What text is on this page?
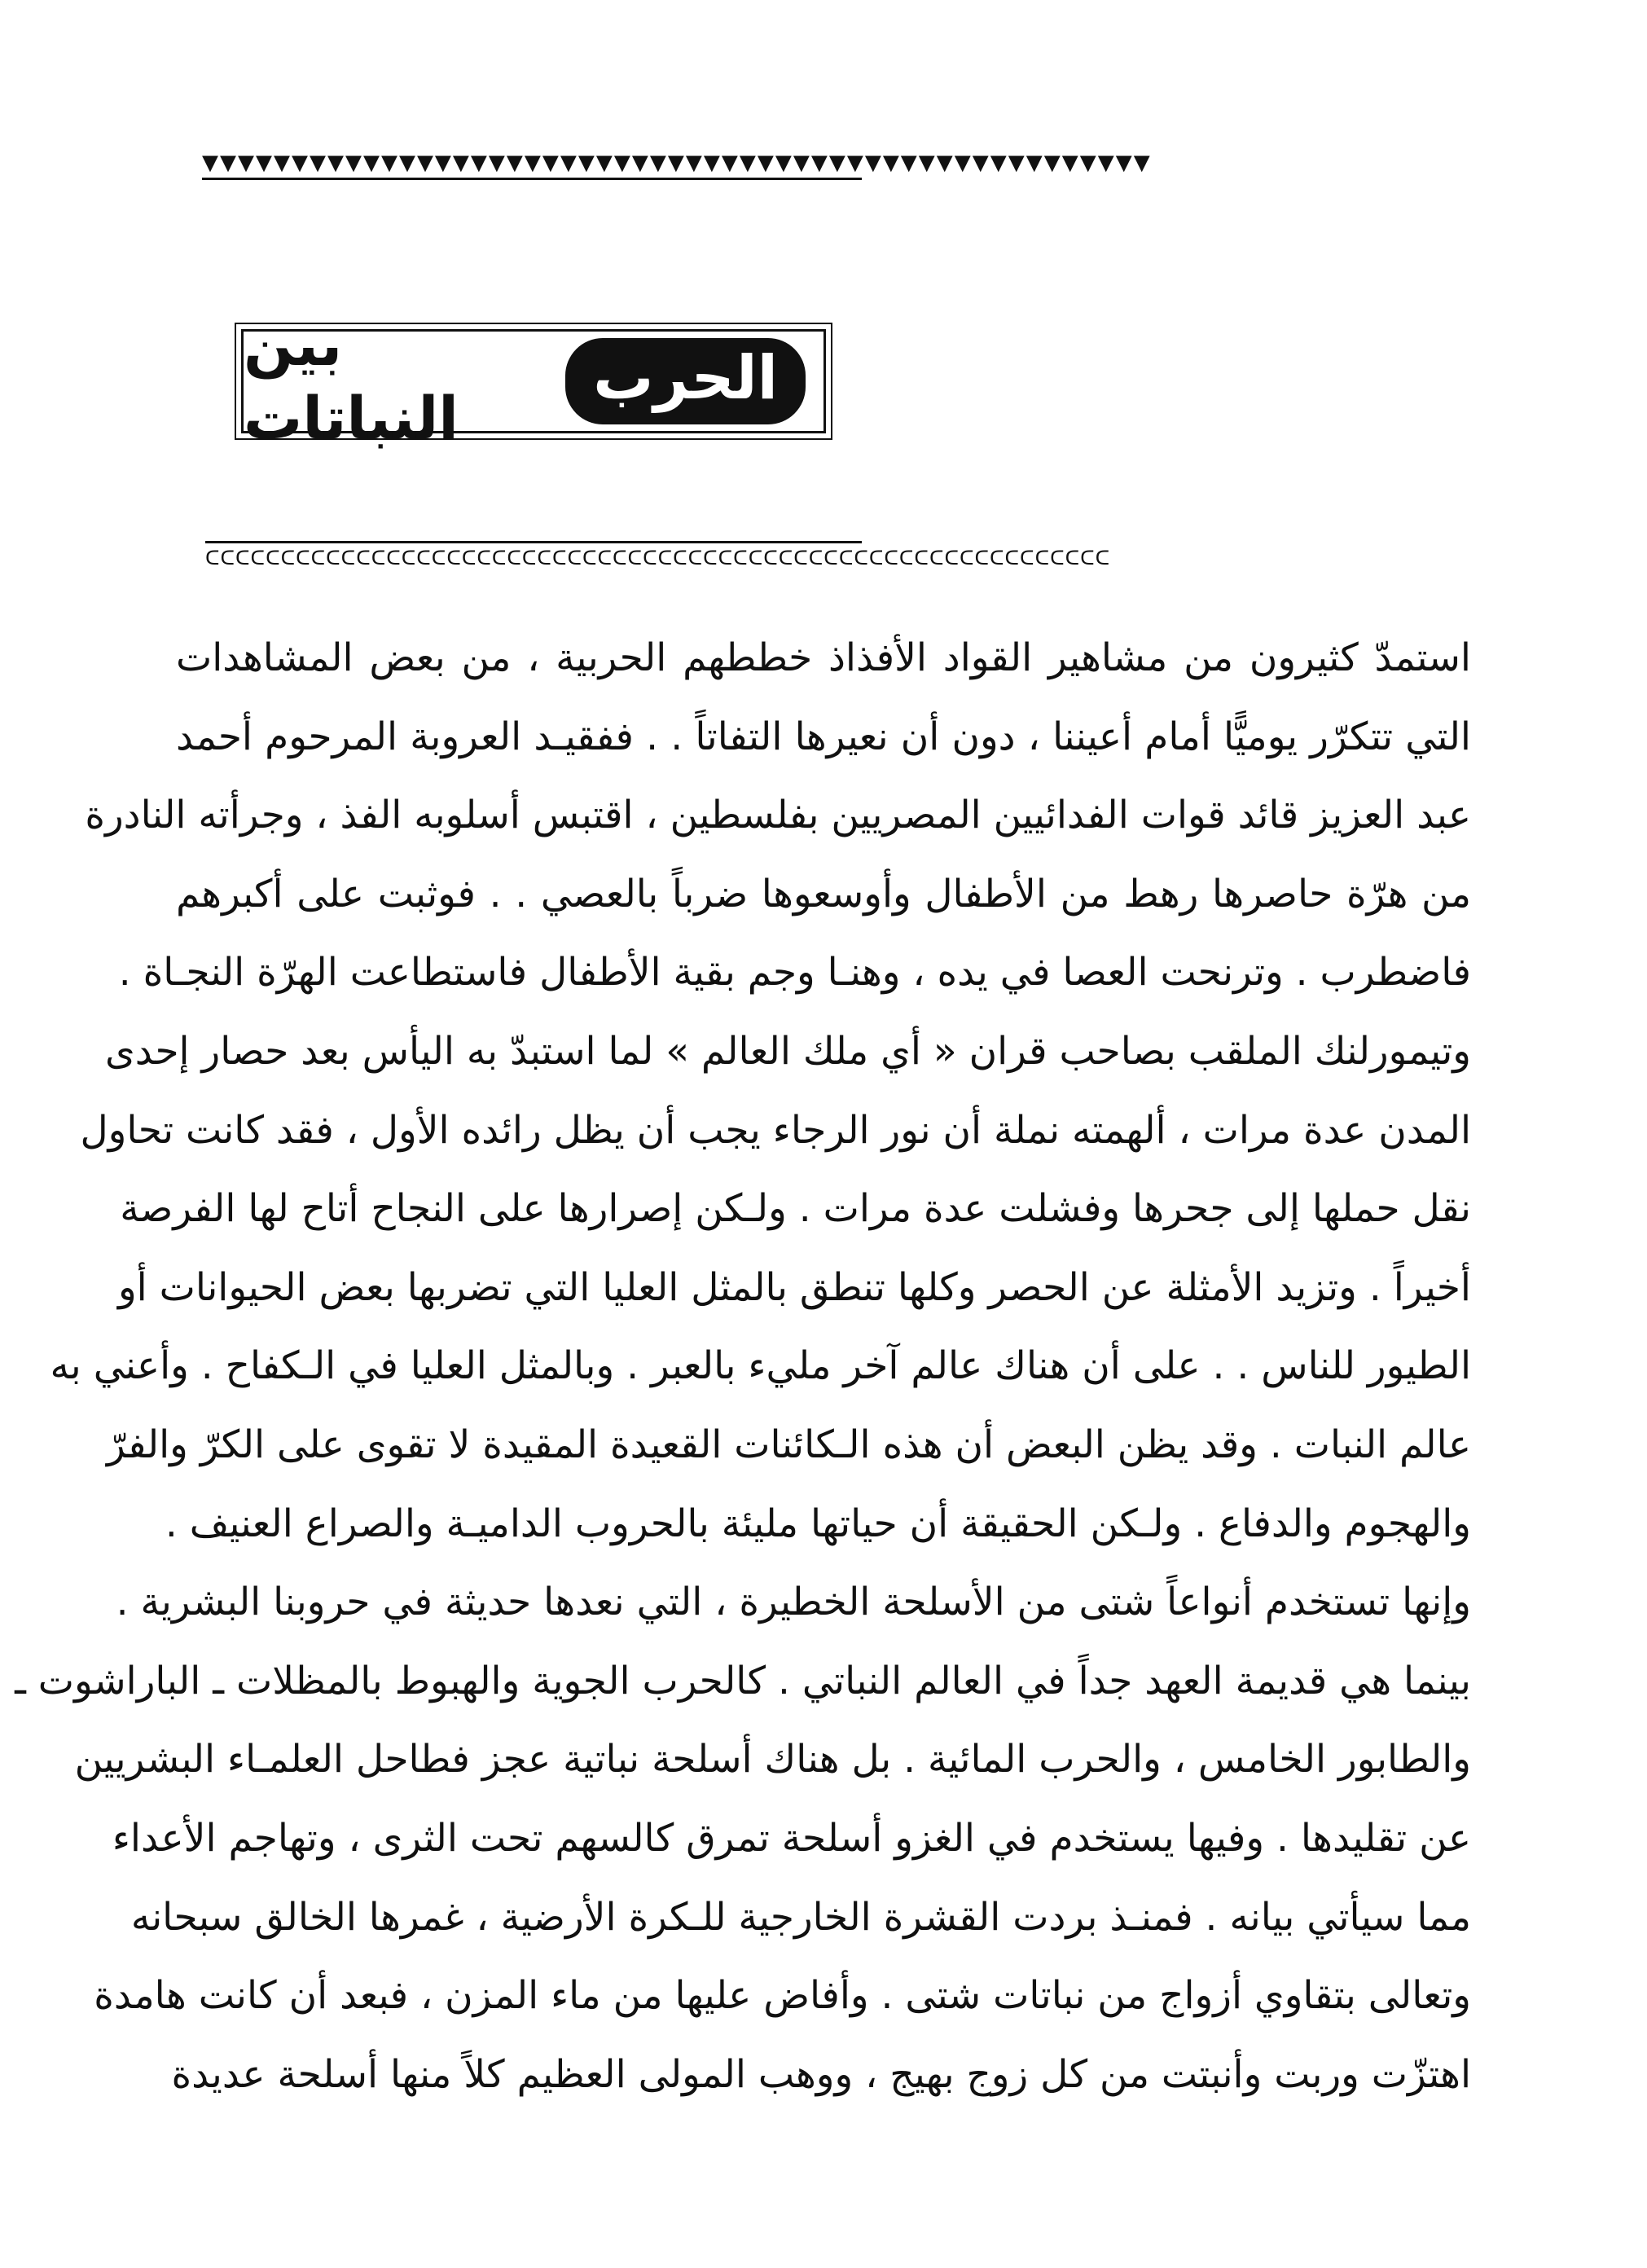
▼▼▼▼▼▼▼▼▼▼▼▼▼▼▼▼▼▼▼▼▼▼▼▼▼▼▼▼▼▼▼▼▼▼▼▼▼▼▼▼▼▼▼▼▼▼▼▼▼▼▼▼▼
الحرب
بين النباتات
ᑕᑕᑕᑕᑕᑕᑕᑕᑕᑕᑕᑕᑕᑕᑕᑕᑕᑕᑕᑕᑕᑕᑕᑕᑕᑕᑕᑕᑕᑕᑕᑕᑕᑕᑕᑕᑕᑕᑕᑕᑕᑕᑕᑕᑕᑕᑕᑕᑕᑕᑕᑕᑕᑕᑕᑕᑕᑕᑕᑕ
استمدّ كثيرون من مشاهير القواد الأفذاذ خططهم الحربية ، من بعض المشاهدات
التي تتكرّر يوميًّا أمام أعيننا ، دون أن نعيرها التفاتاً . . ففقيـد العروبة المرحوم أحمد
عبد العزيز قائد قوات الفدائيين المصريين بفلسطين ، اقتبس أسلوبه الفذ ، وجرأته النادرة
من هرّة حاصرها رهط من الأطفال وأوسعوها ضرباً بالعصي . . فوثبت على أكبرهم
فاضطرب . وترنحت العصا في يده ، وهنـا وجم بقية الأطفال فاستطاعت الهرّة النجـاة .
وتيمورلنك الملقب بصاحب قران « أي ملك العالم » لما استبدّ به اليأس بعد حصار إحدى
المدن عدة مرات ، ألهمته نملة أن نور الرجاء يجب أن يظل رائده الأول ، فقد كانت تحاول
نقل حملها إلى جحرها وفشلت عدة مرات . ولـكن إصرارها على النجاح أتاح لها الفرصة
أخيراً . وتزيد الأمثلة عن الحصر وكلها تنطق بالمثل العليا التي تضربها بعض الحيوانات أو
الطيور للناس . . على أن هناك عالم آخر مليء بالعبر . وبالمثل العليا في الـكفاح . وأعني به
عالم النبات . وقد يظن البعض أن هذه الـكائنات القعيدة المقيدة لا تقوى على الكرّ والفرّ
والهجوم والدفاع . ولـكن الحقيقة أن حياتها مليئة بالحروب الداميـة والصراع العنيف .
وإنها تستخدم أنواعاً شتى من الأسلحة الخطيرة ، التي نعدها حديثة في حروبنا البشرية .
بينما هي قديمة العهد جداً في العالم النباتي . كالحرب الجوية والهبوط بالمظلات ـ الباراشوت ـ
والطابور الخامس ، والحرب المائية . بل هناك أسلحة نباتية عجز فطاحل العلمـاء البشريين
عن تقليدها . وفيها يستخدم في الغزو أسلحة تمرق كالسهم تحت الثرى ، وتهاجم الأعداء
مما سيأتي بيانه . فمنـذ بردت القشرة الخارجية للـكرة الأرضية ، غمرها الخالق سبحانه
وتعالى بتقاوي أزواج من نباتات شتى . وأفاض عليها من ماء المزن ، فبعد أن كانت هامدة
اهتزّت وربت وأنبتت من كل زوج بهيج ، ووهب المولى العظيم كلاً منها أسلحة عديدة
